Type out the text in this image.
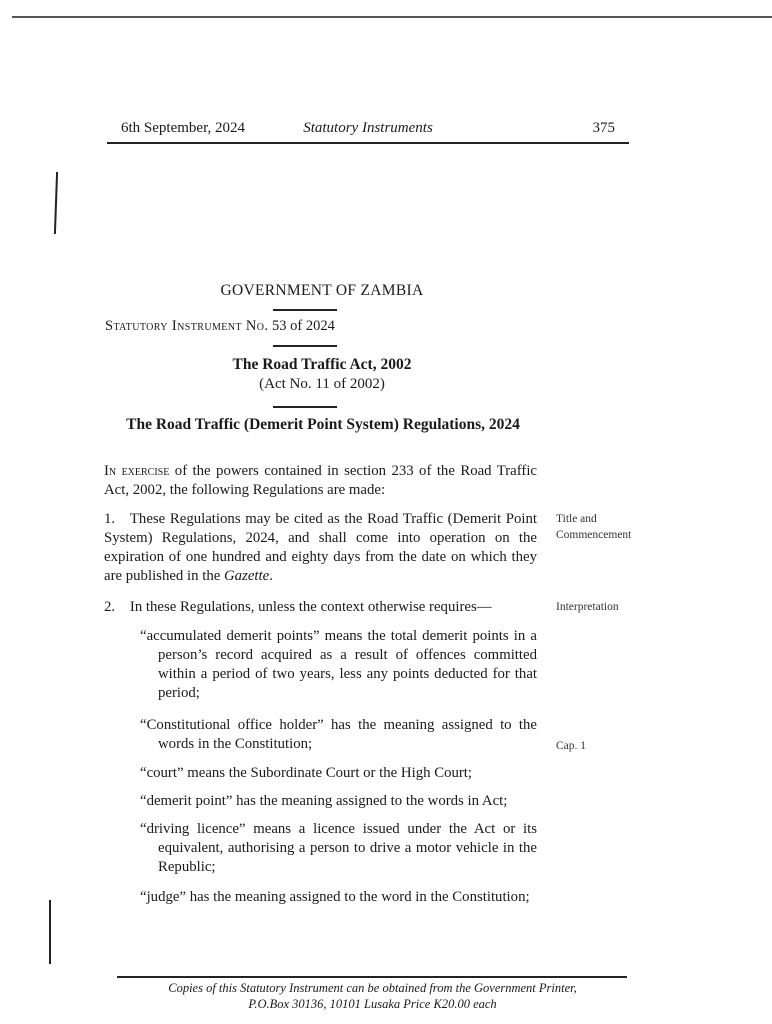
6th September, 2024	Statutory Instruments	375
GOVERNMENT OF ZAMBIA
Statutory Instrument No. 53 of 2024
The Road Traffic Act, 2002
(Act No. 11 of 2002)
The Road Traffic (Demerit Point System) Regulations, 2024
In exercise of the powers contained in section 233 of the Road Traffic Act, 2002, the following Regulations are made:
1. These Regulations may be cited as the Road Traffic (Demerit Point System) Regulations, 2024, and shall come into operation on the expiration of one hundred and eighty days from the date on which they are published in the Gazette.
2. In these Regulations, unless the context otherwise requires—
“accumulated demerit points” means the total demerit points in a person’s record acquired as a result of offences committed within a period of two years, less any points deducted for that period;
“Constitutional office holder” has the meaning assigned to the words in the Constitution;
“court” means the Subordinate Court or the High Court;
“demerit point” has the meaning assigned to the words in Act;
“driving licence” means a licence issued under the Act or its equivalent, authorising a person to drive a motor vehicle in the Republic;
“judge” has the meaning assigned to the word in the Constitution;
Title and
Commencement
Interpretation
Cap. 1
Copies of this Statutory Instrument can be obtained from the Government Printer,
P.O.Box 30136, 10101 Lusaka Price K20.00 each
